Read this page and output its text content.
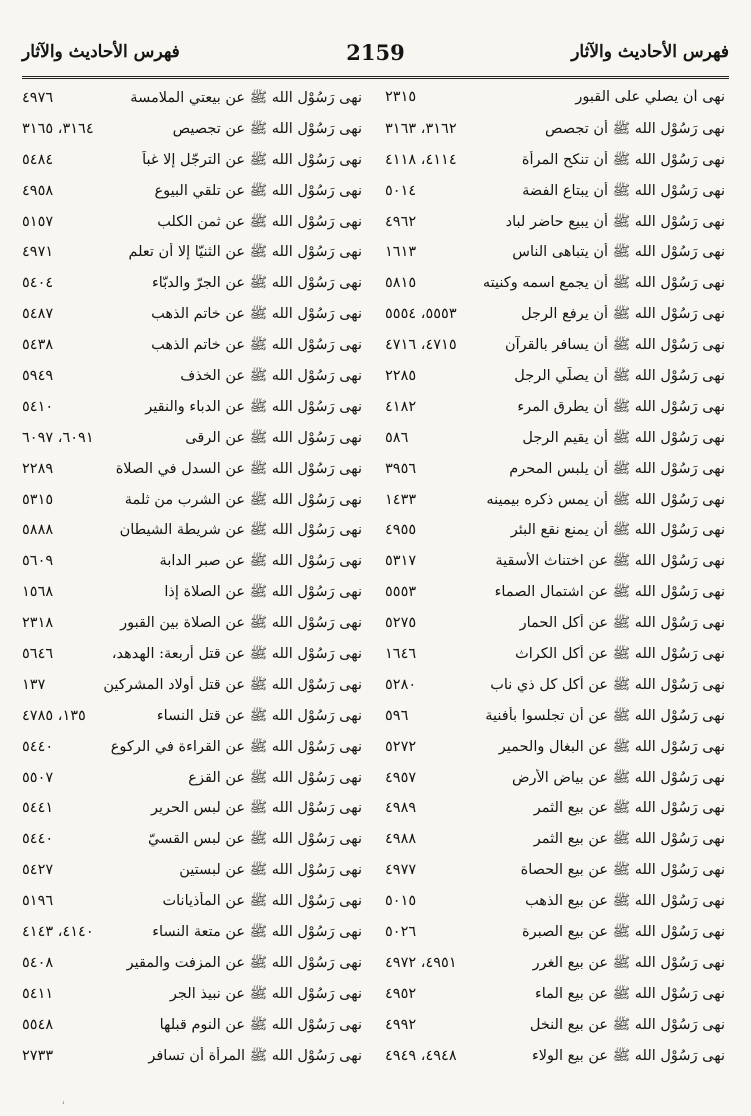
فهرس الأحاديث والآثار
2159
فهرس الأحاديث والآثار
نهى أن يصلي على القبور
٢٣١٥
نهى رَسُوْل الله ﷺ أن تجصص
٣١٦٢، ٣١٦٣
نهى رَسُوْل الله ﷺ أن تنكح المرأة
٤١١٤، ٤١١٨
نهى رَسُوْل الله ﷺ أن يبتاع الفضة
٥٠١٤
نهى رَسُوْل الله ﷺ أن يبيع حاضر لباد
٤٩٦٢
نهى رَسُوْل الله ﷺ أن يتباهى الناس
١٦١٣
نهى رَسُوْل الله ﷺ أن يجمع اسمه وكنيته
٥٨١٥
نهى رَسُوْل الله ﷺ أن يرفع الرجل
٥٥٥٣، ٥٥٥٤
نهى رَسُوْل الله ﷺ أن يسافر بالقرآن
٤٧١٥، ٤٧١٦
نهى رَسُوْل الله ﷺ أن يصلّي الرجل
٢٢٨٥
نهى رَسُوْل الله ﷺ أن يطرق المرء
٤١٨٢
نهى رَسُوْل الله ﷺ أن يقيم الرجل
٥٨٦
نهى رَسُوْل الله ﷺ أن يلبس المحرم
٣٩٥٦
نهى رَسُوْل الله ﷺ أن يمس ذكره بيمينه
١٤٣٣
نهى رَسُوْل الله ﷺ أن يمنع نقع البئر
٤٩٥٥
نهى رَسُوْل الله ﷺ عن اختناث الأسقية
٥٣١٧
نهى رَسُوْل الله ﷺ عن اشتمال الصماء
٥٥٥٣
نهى رَسُوْل الله ﷺ عن أكل الحمار
٥٢٧٥
نهى رَسُوْل الله ﷺ عن أكل الكراث
١٦٤٦
نهى رَسُوْل الله ﷺ عن أكل كل ذي ناب
٥٢٨٠
نهى رَسُوْل الله ﷺ عن أن تجلسوا بأفنية
٥٩٦
نهى رَسُوْل الله ﷺ عن البغال والحمير
٥٢٧٢
نهى رَسُوْل الله ﷺ عن بياض الأرض
٤٩٥٧
نهى رَسُوْل الله ﷺ عن بيع الثمر
٤٩٨٩
نهى رَسُوْل الله ﷺ عن بيع الثمر
٤٩٨٨
نهى رَسُوْل الله ﷺ عن بيع الحصاة
٤٩٧٧
نهى رَسُوْل الله ﷺ عن بيع الذهب
٥٠١٥
نهى رَسُوْل الله ﷺ عن بيع الصبرة
٥٠٢٦
نهى رَسُوْل الله ﷺ عن بيع الغرر
٤٩٥١، ٤٩٧٢
نهى رَسُوْل الله ﷺ عن بيع الماء
٤٩٥٢
نهى رَسُوْل الله ﷺ عن بيع النخل
٤٩٩٢
نهى رَسُوْل الله ﷺ عن بيع الولاء
٤٩٤٨، ٤٩٤٩
نهى رَسُوْل الله ﷺ عن بيعتي الملامسة
٤٩٧٦
نهى رَسُوْل الله ﷺ عن تجصيص
٣١٦٤، ٣١٦٥
نهى رَسُوْل الله ﷺ عن الترجّل إلا غباً
٥٤٨٤
نهى رَسُوْل الله ﷺ عن تلقي البيوع
٤٩٥٨
نهى رَسُوْل الله ﷺ عن ثمن الكلب
٥١٥٧
نهى رَسُوْل الله ﷺ عن الثنيّا إلا أن تعلم
٤٩٧١
نهى رَسُوْل الله ﷺ عن الجرّ والدبّاء
٥٤٠٤
نهى رَسُوْل الله ﷺ عن خاتم الذهب
٥٤٨٧
نهى رَسُوْل الله ﷺ عن خاتم الذهب
٥٤٣٨
نهى رَسُوْل الله ﷺ عن الخذف
٥٩٤٩
نهى رَسُوْل الله ﷺ عن الدباء والنقير
٥٤١٠
نهى رَسُوْل الله ﷺ عن الرقى
٦٠٩١، ٦٠٩٧
نهى رَسُوْل الله ﷺ عن السدل في الصلاة
٢٢٨٩
نهى رَسُوْل الله ﷺ عن الشرب من ثلمة
٥٣١٥
نهى رَسُوْل الله ﷺ عن شريطة الشيطان
٥٨٨٨
نهى رَسُوْل الله ﷺ عن صبر الدابة
٥٦٠٩
نهى رَسُوْل الله ﷺ عن الصلاة إذا
١٥٦٨
نهى رَسُوْل الله ﷺ عن الصلاة بين القبور
٢٣١٨
نهى رَسُوْل الله ﷺ عن قتل أربعة: الهدهد،
٥٦٤٦
نهى رَسُوْل الله ﷺ عن قتل أولاد المشركين
١٣٧
نهى رَسُوْل الله ﷺ عن قتل النساء
١٣٥، ٤٧٨٥
نهى رَسُوْل الله ﷺ عن القراءة في الركوع
٥٤٤٠
نهى رَسُوْل الله ﷺ عن القزع
٥٥٠٧
نهى رَسُوْل الله ﷺ عن لبس الحرير
٥٤٤١
نهى رَسُوْل الله ﷺ عن لبس القسيّ
٥٤٤٠
نهى رَسُوْل الله ﷺ عن لبستين
٥٤٢٧
نهى رَسُوْل الله ﷺ عن المأذيانات
٥١٩٦
نهى رَسُوْل الله ﷺ عن متعة النساء
٤١٤٠، ٤١٤٣
نهى رَسُوْل الله ﷺ عن المزفت والمقير
٥٤٠٨
نهى رَسُوْل الله ﷺ عن نبيذ الجر
٥٤١١
نهى رَسُوْل الله ﷺ عن النوم قبلها
٥٥٤٨
نهى رَسُوْل الله ﷺ المرأة أن تسافر
٢٧٣٣
ۥ
